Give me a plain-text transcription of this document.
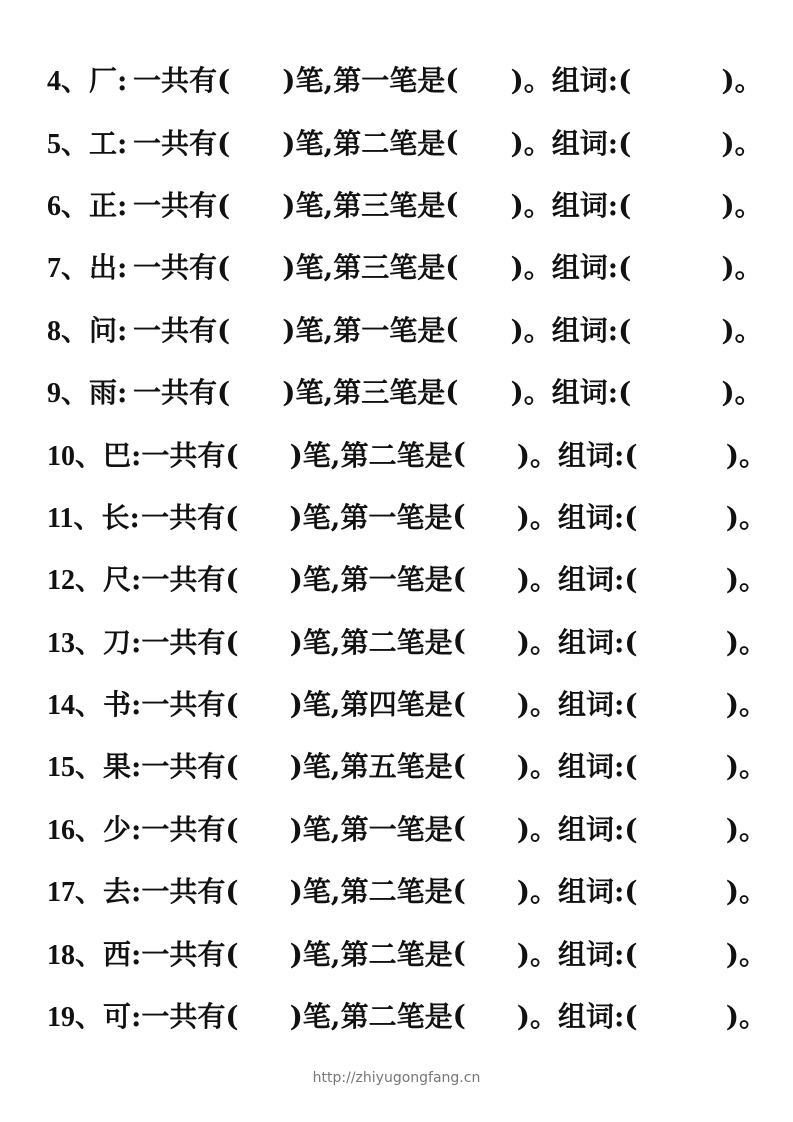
4、厂: 一共有( )笔, 第一笔是 ( )。 组词:(	)。
5、工: 一共有( )笔, 第二笔是 ( )。 组词:(	)。
6、正: 一共有( )笔, 第三笔是 ( )。 组词:(	)。
7、出: 一共有( )笔, 第三笔是 ( )。 组词:(	)。
8、问: 一共有( )笔, 第一笔是 ( )。 组词:(	)。
9、雨: 一共有( )笔, 第三笔是 ( )。 组词:(	)。
10、巴: 一共有( )笔, 第二笔是 ( )。 组词:(	)。
11、长: 一共有( )笔, 第一笔是 ( )。 组词:(	)。
12、尺: 一共有( )笔, 第一笔是 ( )。 组词:(	)。
13、刀: 一共有( )笔, 第二笔是 ( )。 组词:(	)。
14、书: 一共有( )笔, 第四笔是 ( )。 组词:(	)。
15、果: 一共有( )笔, 第五笔是 ( )。 组词:(	)。
16、少: 一共有( )笔, 第一笔是 ( )。 组词:(	)。
17、去: 一共有( )笔, 第二笔是 ( )。 组词:(	)。
18、西: 一共有( )笔, 第二笔是 ( )。 组词:(	)。
19、可: 一共有( )笔, 第二笔是 ( )。 组词:(	)。
http://zhiyugongfang.cn
